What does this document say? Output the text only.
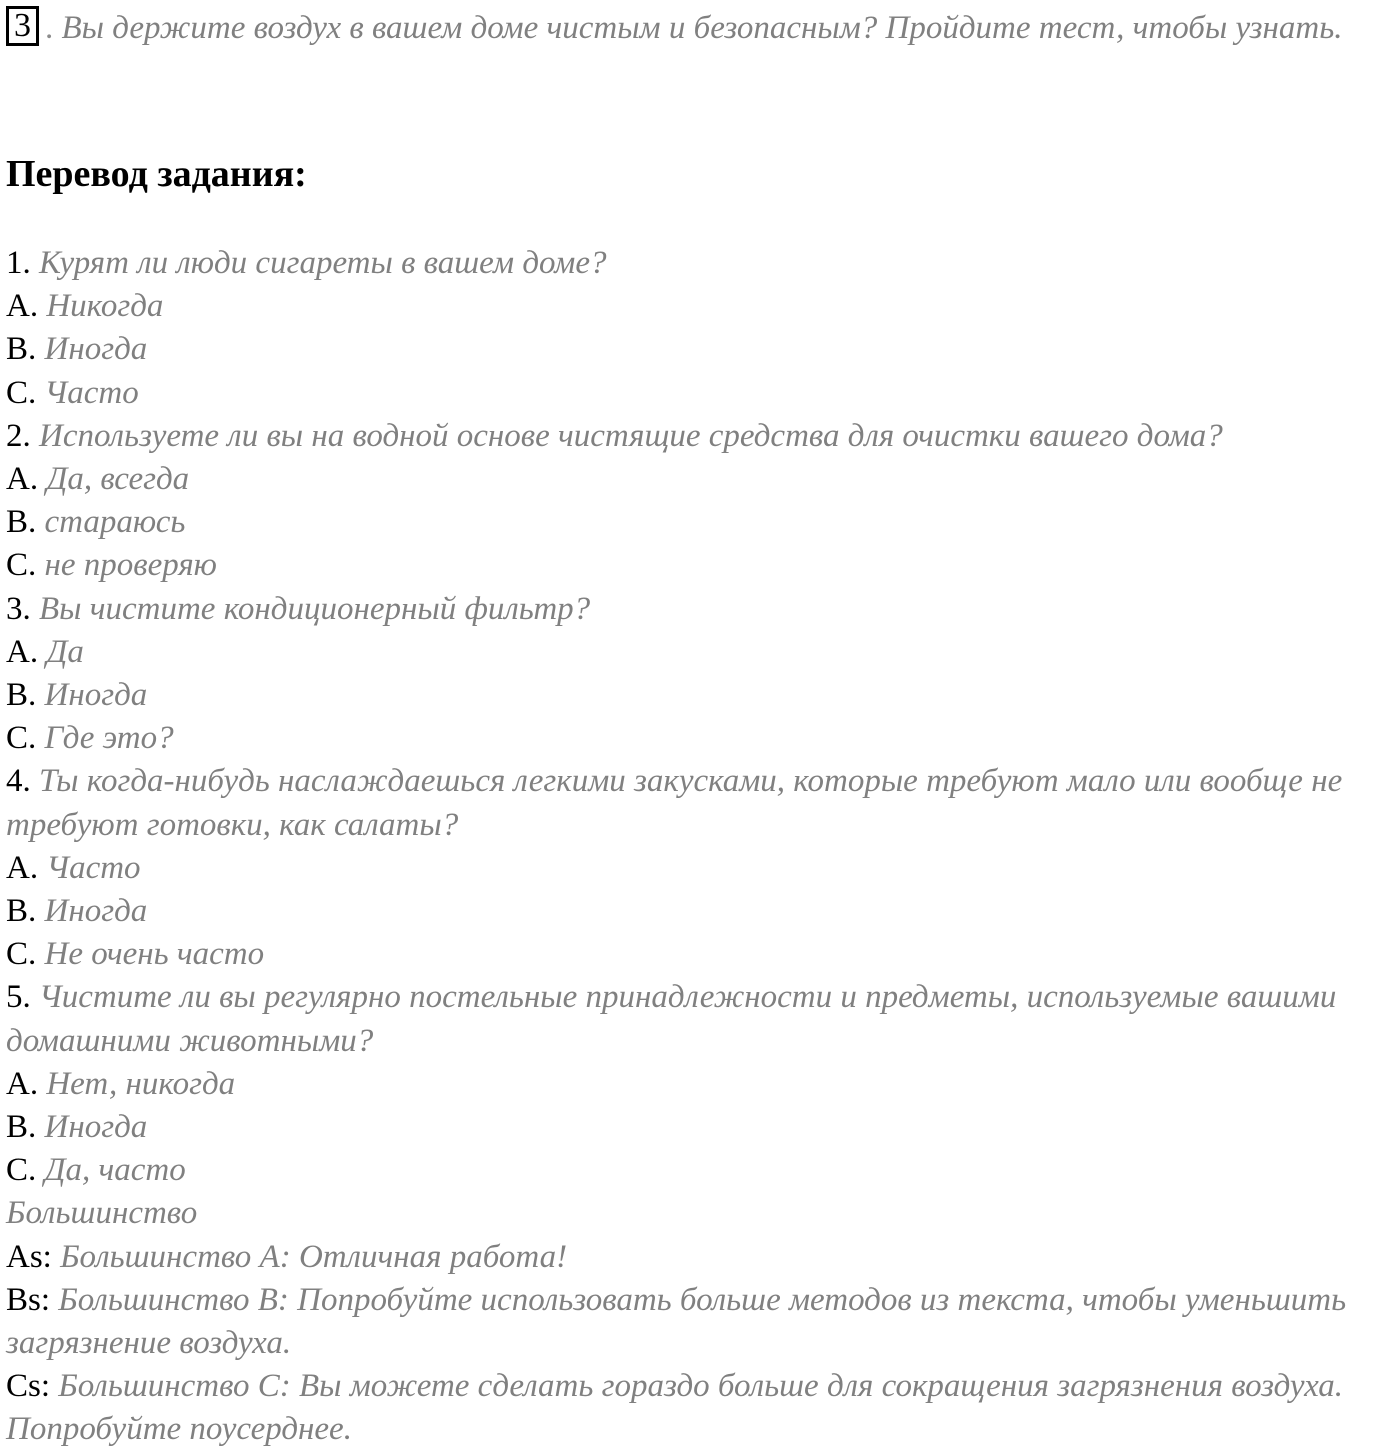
3 . Вы держите воздух в вашем доме чистым и безопасным? Пройдите тест, чтобы узнать.

Перевод задания:

1. Курят ли люди сигареты в вашем доме?

A. Никогда

B. Иногда

C. Часто

2. Используете ли вы на водной основе чистящие средства для очистки вашего дома?

A. Да, всегда

B. стараюсь

C. не проверяю

3. Вы чистите кондиционерный фильтр?

A. Да

B. Иногда

C. Где это?

4. Ты когда-нибудь наслаждаешься легкими закусками, которые требуют мало или вообще не требуют готовки, как салаты?

A. Часто

B. Иногда

C. Не очень часто

5. Чистите ли вы регулярно постельные принадлежности и предметы, используемые вашими домашними животными?

A. Нет, никогда

B. Иногда

C. Да, часто

Большинство

As: Большинство A: Отличная работа!

Bs: Большинство B: Попробуйте использовать больше методов из текста, чтобы уменьшить загрязнение воздуха.

Cs: Большинство C: Вы можете сделать гораздо больше для сокращения загрязнения воздуха. Попробуйте поусерднее.
